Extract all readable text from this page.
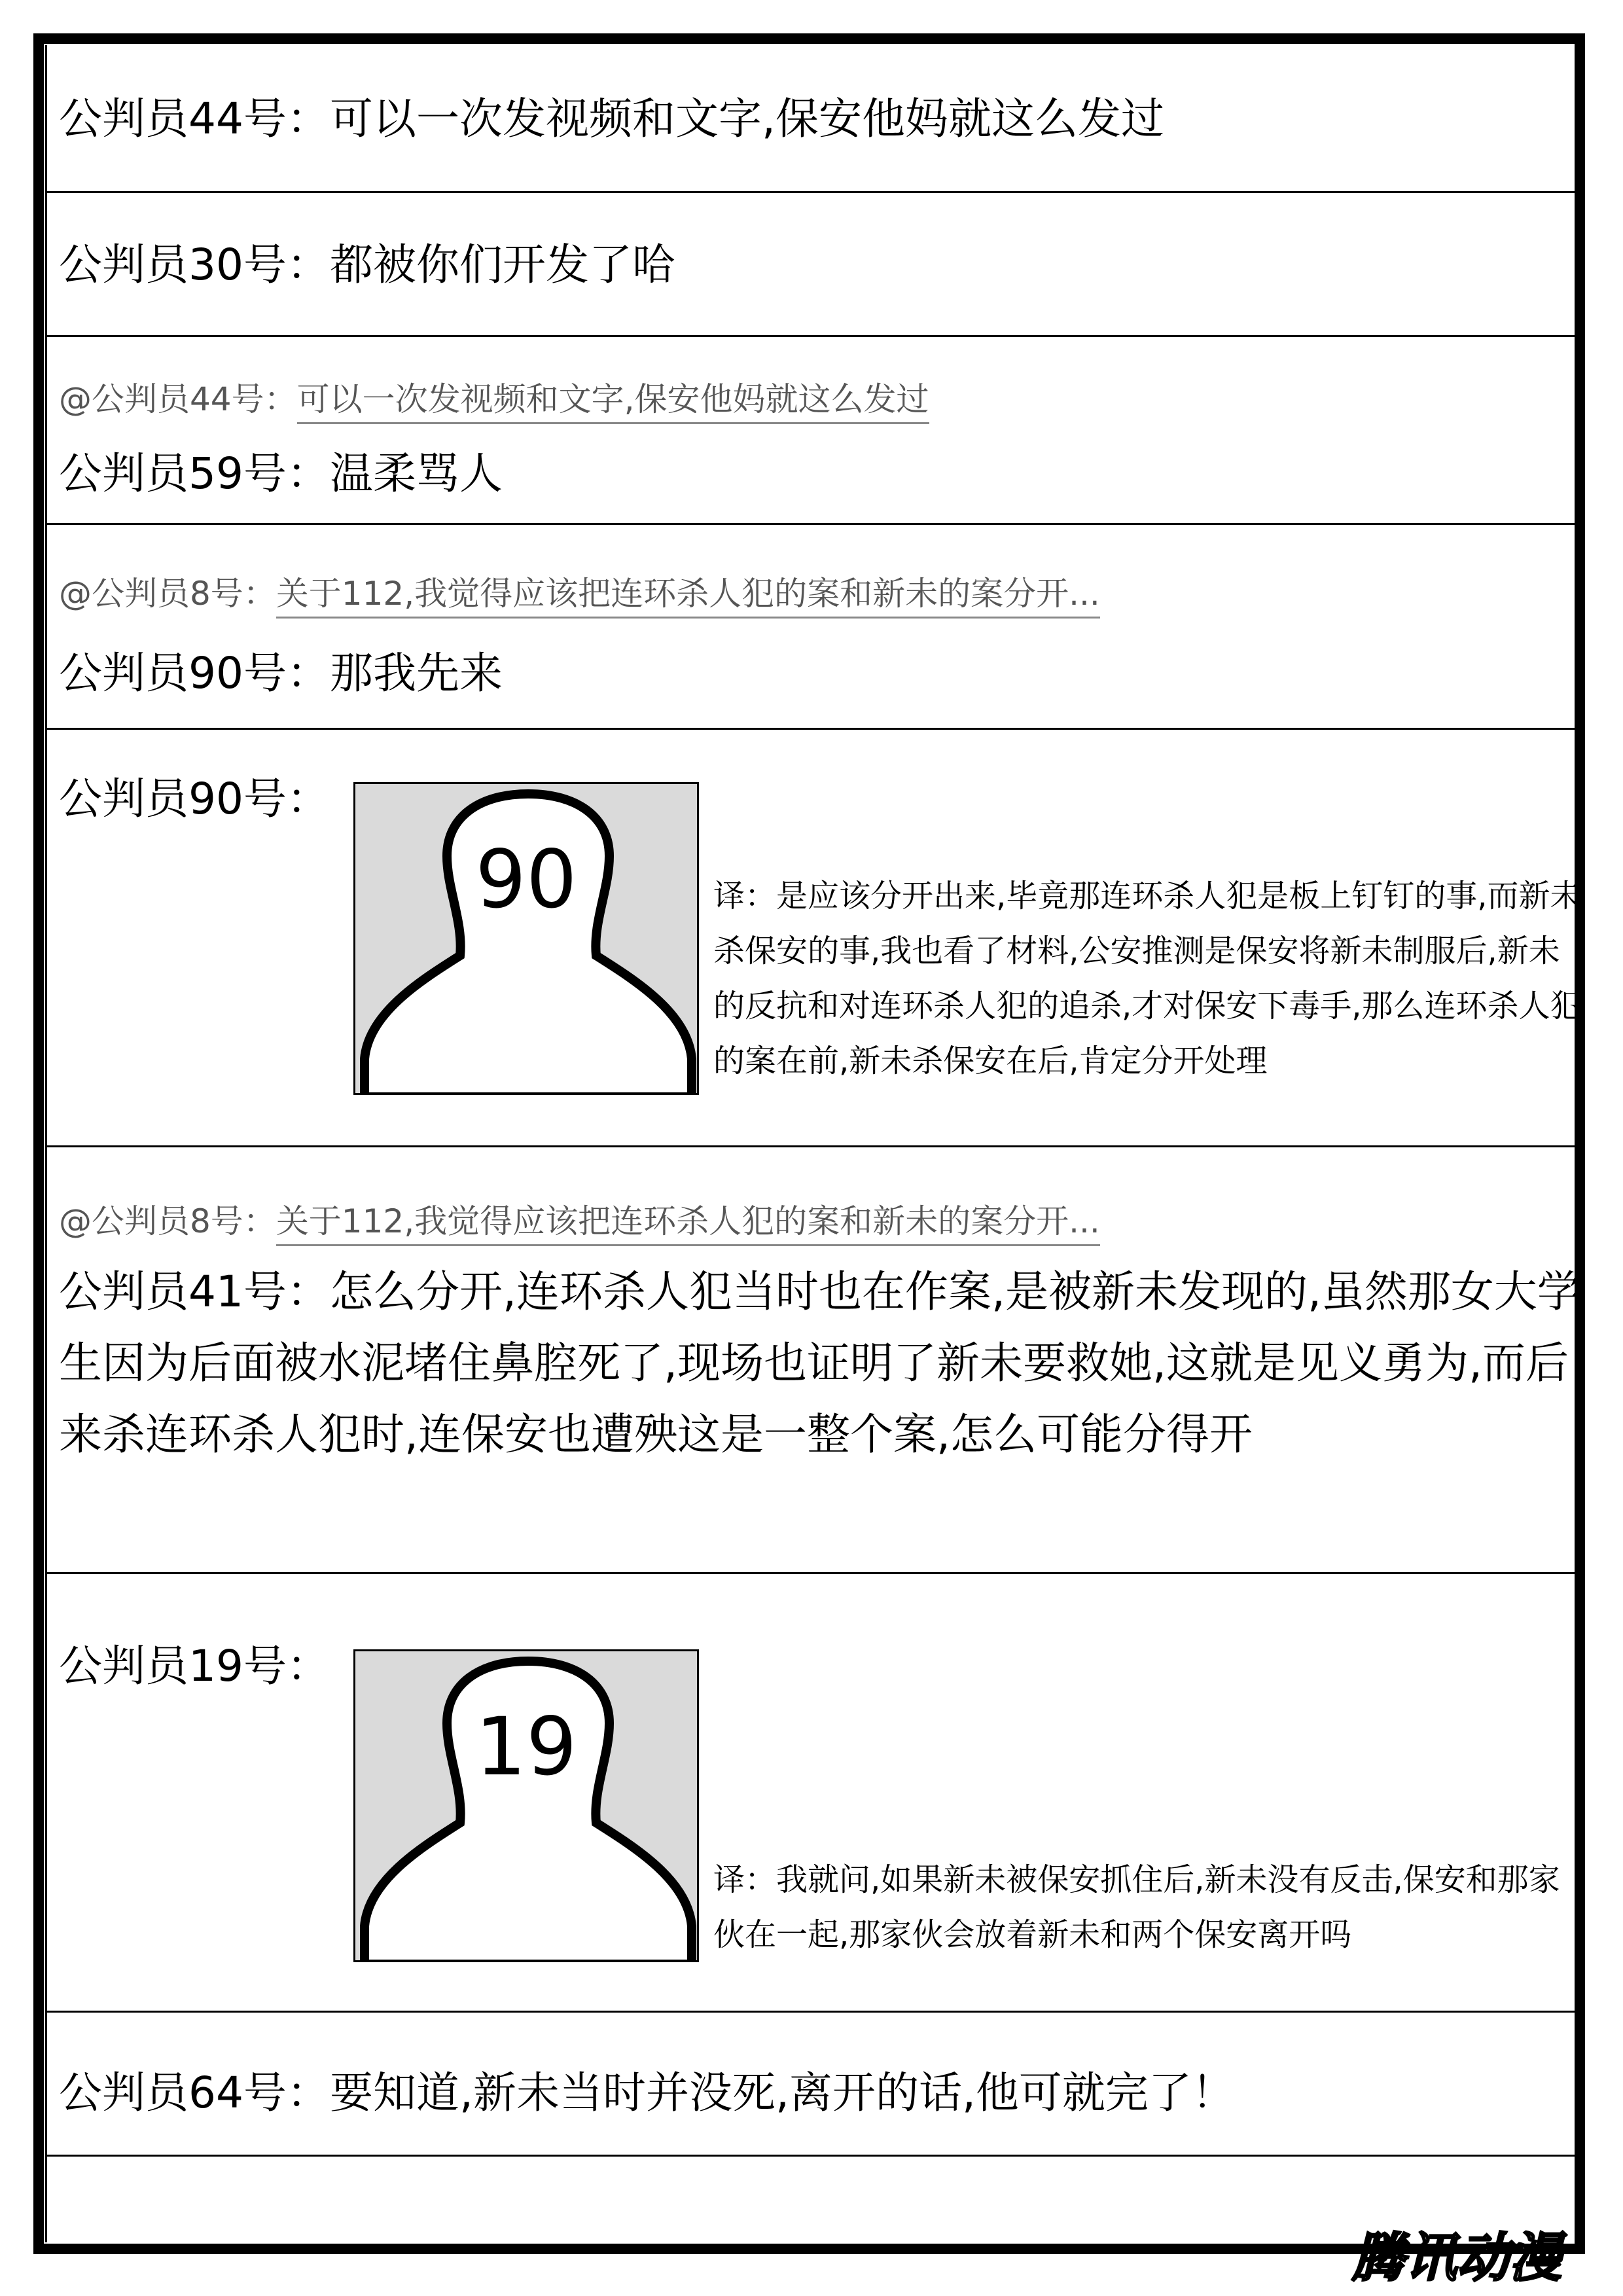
公判员44号：可以一次发视频和文字,保安他妈就这么发过
公判员30号：都被你们开发了哈
@公判员44号：可以一次发视频和文字,保安他妈就这么发过
公判员59号：温柔骂人
@公判员8号：关于112,我觉得应该把连环杀人犯的案和新未的案分开...
公判员90号：那我先来
公判员90号：
90	译：是应该分开出来,毕竟那连环杀人犯是板上钉钉的事,而新未杀保安的事,我也看了材料,公安推测是保安将新未制服后,新未的反抗和对连环杀人犯的追杀,才对保安下毒手,那么连环杀人犯的案在前,新未杀保安在后,肯定分开处理
@公判员8号：关于112,我觉得应该把连环杀人犯的案和新未的案分开...
公判员41号：怎么分开,连环杀人犯当时也在作案,是被新未发现的,虽然那女大学生因为后面被水泥堵住鼻腔死了,现场也证明了新未要救她,这就是见义勇为,而后来杀连环杀人犯时,连保安也遭殃这是一整个案,怎么可能分得开
公判员19号：
19
译：我就问,如果新未被保安抓住后,新未没有反击,保安和那家伙在一起,那家伙会放着新未和两个保安离开吗
公判员64号：要知道,新未当时并没死,离开的话,他可就完了！
腾讯动漫
